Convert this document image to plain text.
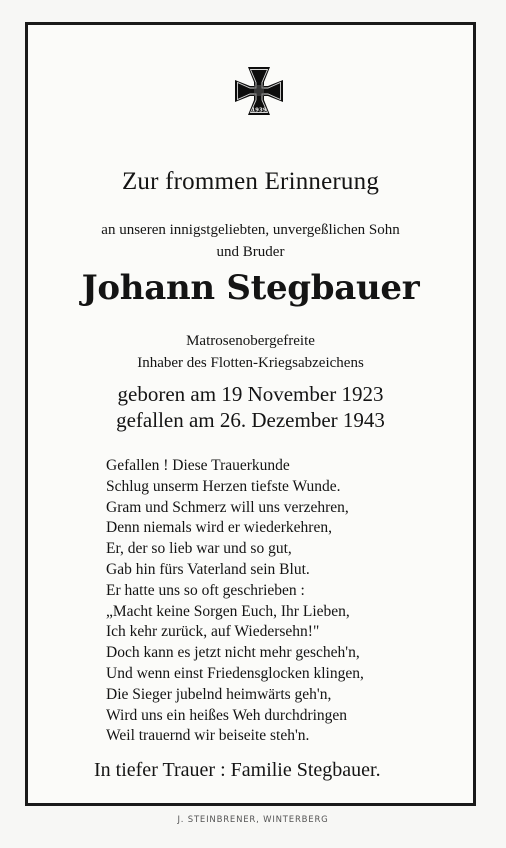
1939

Zur frommen Erinnerung

an unseren innigstgeliebten, unvergeßlichen Sohn
und Bruder

Johann Stegbauer

Matrosenobergefreite
Inhaber des Flotten-Kriegsabzeichens
geboren am 19 November 1923
gefallen am 26. Dezember 1943
Gefallen ! Diese Trauerkunde
Schlug unserm Herzen tiefste Wunde.
Gram und Schmerz will uns verzehren,
Denn niemals wird er wiederkehren,
Er, der so lieb war und so gut,
Gab hin fürs Vaterland sein Blut.
Er hatte uns so oft geschrieben :
„Macht keine Sorgen Euch, Ihr Lieben,
Ich kehr zurück, auf Wiedersehn!"
Doch kann es jetzt nicht mehr gescheh'n,
Und wenn einst Friedensglocken klingen,
Die Sieger jubelnd heimwärts geh'n,
Wird uns ein heißes Weh durchdringen
Weil trauernd wir beiseite steh'n.

In tiefer Trauer : Familie Stegbauer.

J. STEINBRENER, WINTERBERG
